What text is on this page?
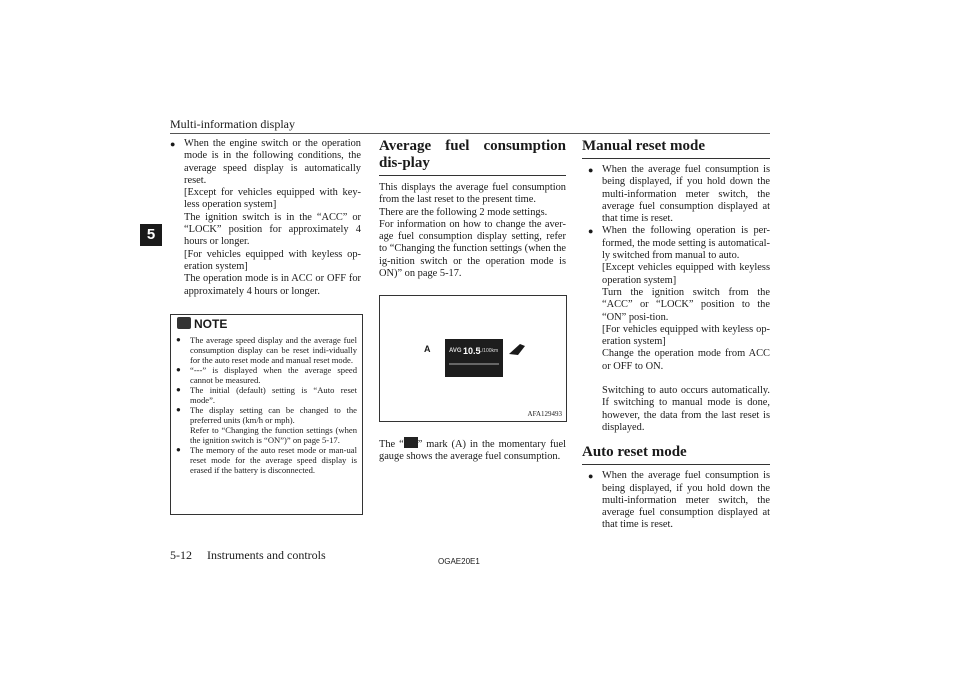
Multi-information display
5

● When the engine switch or the operation mode is in the following conditions, the average speed display is automatically reset.

[Except for vehicles equipped with key-less operation system]

The ignition switch is in the “ACC” or “LOCK” position for approximately 4 hours or longer.

[For vehicles equipped with keyless op-eration system]

The operation mode is in ACC or OFF for approximately 4 hours or longer.

NOTE

● The average speed display and the average fuel consumption display can be reset indi-vidually for the auto reset mode and manual reset mode.

● “---” is displayed when the average speed cannot be measured.

● The initial (default) setting is “Auto reset mode”.

● The display setting can be changed to the preferred units (km/h or mph).

Refer to “Changing the function settings (when the ignition switch is “ON”)” on page 5-17.

● The memory of the auto reset mode or man-ual reset mode for the average speed display is erased if the battery is disconnected.

Average fuel consumption dis-play

This displays the average fuel consumption from the last reset to the present time.

There are the following 2 mode settings.

For information on how to change the aver-age fuel consumption display setting, refer to “Changing the function settings (when the ig-nition switch or the operation mode is ON)” on page 5-17.

A	AVG 10.5
L/100km
AFA129493
The “ ” mark (A) in the momentary fuel gauge shows the average fuel consumption.
Manual reset mode

● When the average fuel consumption is being displayed, if you hold down the multi-information meter switch, the average fuel consumption displayed at that time is reset.

● When the following operation is per-formed, the mode setting is automatical-ly switched from manual to auto.

[Except vehicles equipped with keyless operation system]

Turn the ignition switch from the “ACC” or “LOCK” position to the “ON” posi-tion.

[For vehicles equipped with keyless op-eration system]

Change the operation mode from ACC or OFF to ON.

Switching to auto occurs automatically. If switching to manual mode is done, however, the data from the last reset is displayed.

Auto reset mode

● When the average fuel consumption is being displayed, if you hold down the multi-information meter switch, the average fuel consumption displayed at that time is reset.

5-12 Instruments and controls	OGAE20E1
